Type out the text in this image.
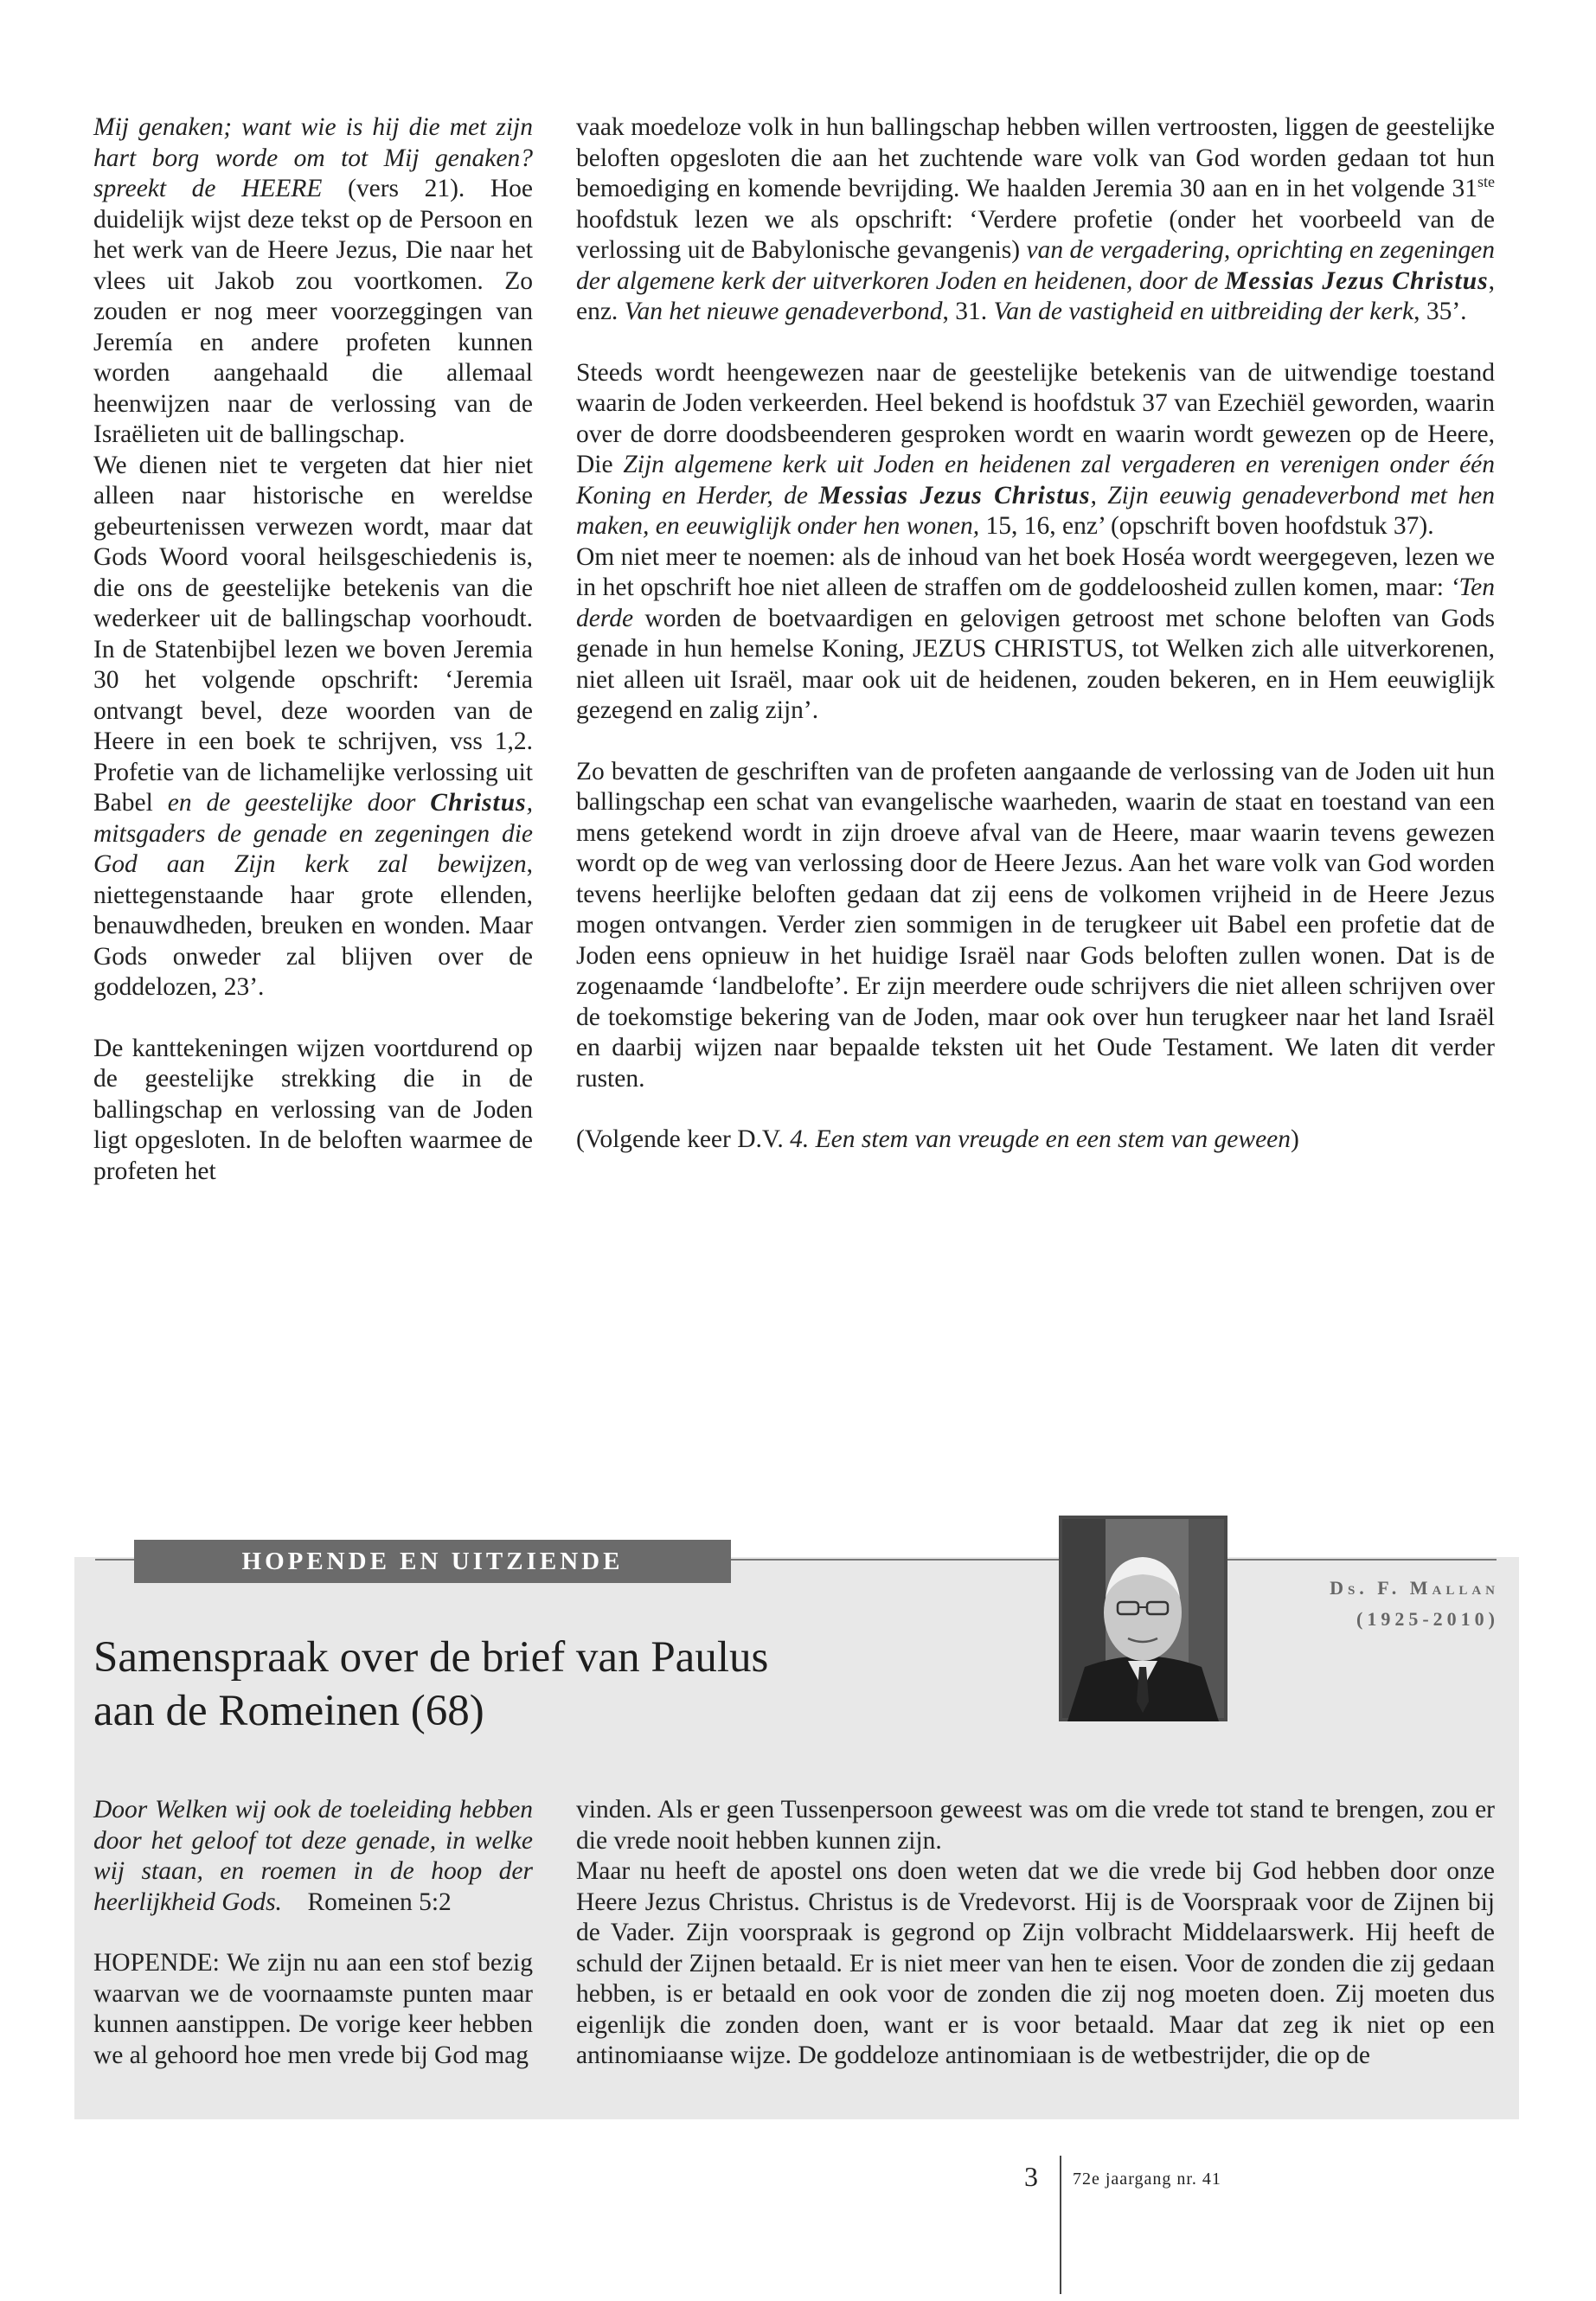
Mij genaken; want wie is hij die met zijn hart borg worde om tot Mij genaken? spreekt de HEERE (vers 21). Hoe duidelijk wijst deze tekst op de Persoon en het werk van de Heere Jezus, Die naar het vlees uit Jakob zou voortkomen. Zo zouden er nog meer voorzeggingen van Jeremía en andere profeten kunnen worden aangehaald die allemaal heenwijzen naar de verlossing van de Israëlieten uit de ballingschap.

We dienen niet te vergeten dat hier niet alleen naar historische en wereldse gebeurtenissen verwezen wordt, maar dat Gods Woord vooral heilsgeschiedenis is, die ons de geestelijke betekenis van die wederkeer uit de ballingschap voorhoudt. In de Statenbijbel lezen we boven Jeremia 30 het volgende opschrift: ‘Jeremia ontvangt bevel, deze woorden van de Heere in een boek te schrijven, vss 1,2. Profetie van de lichamelijke verlossing uit Babel en de geestelijke door Christus, mitsgaders de genade en zegeningen die God aan Zijn kerk zal bewijzen, niettegenstaande haar grote ellenden, benauwdheden, breuken en wonden. Maar Gods onweder zal blijven over de goddelozen, 23’.

De kanttekeningen wijzen voortdurend op de geestelijke strekking die in de ballingschap en verlossing van de Joden ligt opgesloten. In de beloften waarmee de profeten het

vaak moedeloze volk in hun ballingschap hebben willen vertroosten, liggen de geestelijke beloften opgesloten die aan het zuchtende ware volk van God worden gedaan tot hun bemoediging en komende bevrijding. We haalden Jeremia 30 aan en in het volgende 31ste hoofdstuk lezen we als opschrift: ‘Verdere profetie (onder het voorbeeld van de verlossing uit de Babylonische gevangenis) van de vergadering, oprichting en zegeningen der algemene kerk der uitverkoren Joden en heidenen, door de Messias Jezus Christus, enz. Van het nieuwe genadeverbond, 31. Van de vastigheid en uitbreiding der kerk, 35’.

Steeds wordt heengewezen naar de geestelijke betekenis van de uitwendige toestand waarin de Joden verkeerden. Heel bekend is hoofdstuk 37 van Ezechiël geworden, waarin over de dorre doodsbeenderen gesproken wordt en waarin wordt gewezen op de Heere, Die Zijn algemene kerk uit Joden en heidenen zal vergaderen en verenigen onder één Koning en Herder, de Messias Jezus Christus, Zijn eeuwig genadeverbond met hen maken, en eeuwiglijk onder hen wonen, 15, 16, enz’ (opschrift boven hoofdstuk 37).

Om niet meer te noemen: als de inhoud van het boek Hoséa wordt weergegeven, lezen we in het opschrift hoe niet alleen de straffen om de goddeloosheid zullen komen, maar: ‘Ten derde worden de boetvaardigen en gelovigen getroost met schone beloften van Gods genade in hun hemelse Koning, JEZUS CHRISTUS, tot Welken zich alle uitverkorenen, niet alleen uit Israël, maar ook uit de heidenen, zouden bekeren, en in Hem eeuwiglijk gezegend en zalig zijn’.

Zo bevatten de geschriften van de profeten aangaande de verlossing van de Joden uit hun ballingschap een schat van evangelische waarheden, waarin de staat en toestand van een mens getekend wordt in zijn droeve afval van de Heere, maar waarin tevens gewezen wordt op de weg van verlossing door de Heere Jezus. Aan het ware volk van God worden tevens heerlijke beloften gedaan dat zij eens de volkomen vrijheid in de Heere Jezus mogen ontvangen. Verder zien sommigen in de terugkeer uit Babel een profetie dat de Joden eens opnieuw in het huidige Israël naar Gods beloften zullen wonen. Dat is de zogenaamde ‘landbelofte’. Er zijn meerdere oude schrijvers die niet alleen schrijven over de toekomstige bekering van de Joden, maar ook over hun terugkeer naar het land Israël en daarbij wijzen naar bepaalde teksten uit het Oude Testament. We laten dit verder rusten.

(Volgende keer D.V. 4. Een stem van vreugde en een stem van geween)

HOPENDE EN UITZIENDE
Ds. F. Mallan
(1925-2010)
Samenspraak over de brief van Paulus
aan de Romeinen (68)

Door Welken wij ook de toeleiding hebben door het geloof tot deze genade, in welke wij staan, en roemen in de hoop der heerlijkheid Gods. Romeinen 5:2

HOPENDE: We zijn nu aan een stof bezig waarvan we de voornaamste punten maar kunnen aanstippen. De vorige keer hebben we al gehoord hoe men vrede bij God mag

vinden. Als er geen Tussenpersoon geweest was om die vrede tot stand te brengen, zou er die vrede nooit hebben kunnen zijn.

Maar nu heeft de apostel ons doen weten dat we die vrede bij God hebben door onze Heere Jezus Christus. Christus is de Vredevorst. Hij is de Voorspraak voor de Zijnen bij de Vader. Zijn voorspraak is gegrond op Zijn volbracht Middelaarswerk. Hij heeft de schuld der Zijnen betaald. Er is niet meer van hen te eisen. Voor de zonden die zij gedaan hebben, is er betaald en ook voor de zonden die zij nog moeten doen. Zij moeten dus eigenlijk die zonden doen, want er is voor betaald. Maar dat zeg ik niet op een antinomiaanse wijze. De goddeloze antinomiaan is de wetbestrijder, die op de

3 72e jaargang nr. 41
